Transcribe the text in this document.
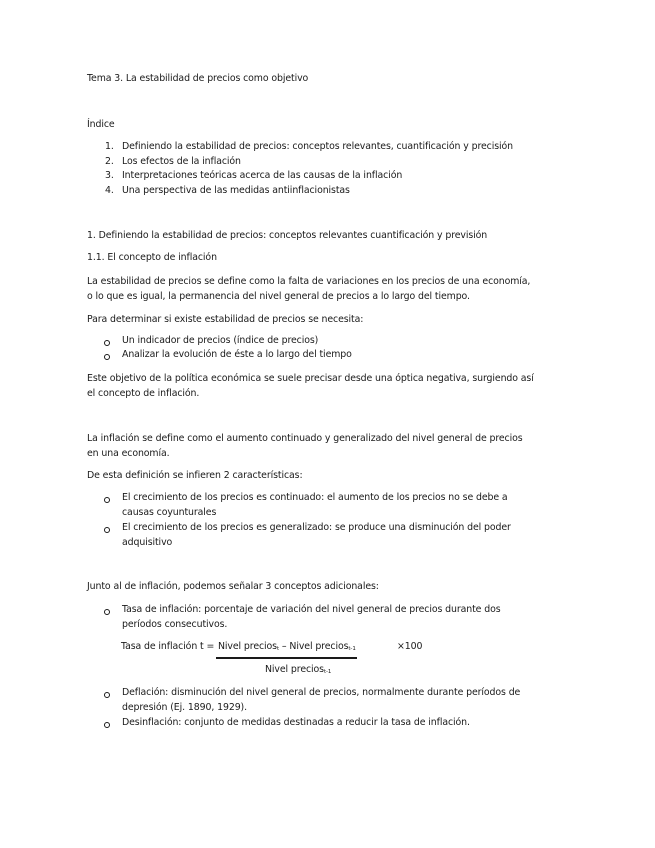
Tema 3. La estabilidad de precios como objetivo
Índice
1. Definiendo la estabilidad de precios: conceptos relevantes, cuantificación y precisión
2. Los efectos de la inflación
3. Interpretaciones teóricas acerca de las causas de la inflación
4. Una perspectiva de las medidas antiinflacionistas
1. Definiendo la estabilidad de precios: conceptos relevantes cuantificación y previsión
1.1. El concepto de inflación
La estabilidad de precios se define como la falta de variaciones en los precios de una economía,
o lo que es igual, la permanencia del nivel general de precios a lo largo del tiempo.
Para determinar si existe estabilidad de precios se necesita:
Un indicador de precios (índice de precios)
Analizar la evolución de éste a lo largo del tiempo
Este objetivo de la política económica se suele precisar desde una óptica negativa, surgiendo así
el concepto de inflación.
La inflación se define como el aumento continuado y generalizado del nivel general de precios
en una economía.
De esta definición se infieren 2 características:
El crecimiento de los precios es continuado: el aumento de los precios no se debe a
causas coyunturales
El crecimiento de los precios es generalizado: se produce una disminución del poder
adquisitivo
Junto al de inflación, podemos señalar 3 conceptos adicionales:
Tasa de inflación: porcentaje de variación del nivel general de precios durante dos
períodos consecutivos.
Tasa de inflación t = Nivel precios$_t$ – Nivel precios$_{t-1}$	×100
Nivel precios$_{t-1}$
Deflación: disminución del nivel general de precios, normalmente durante períodos de
depresión (Ej. 1890, 1929).
Desinflación: conjunto de medidas destinadas a reducir la tasa de inflación.
